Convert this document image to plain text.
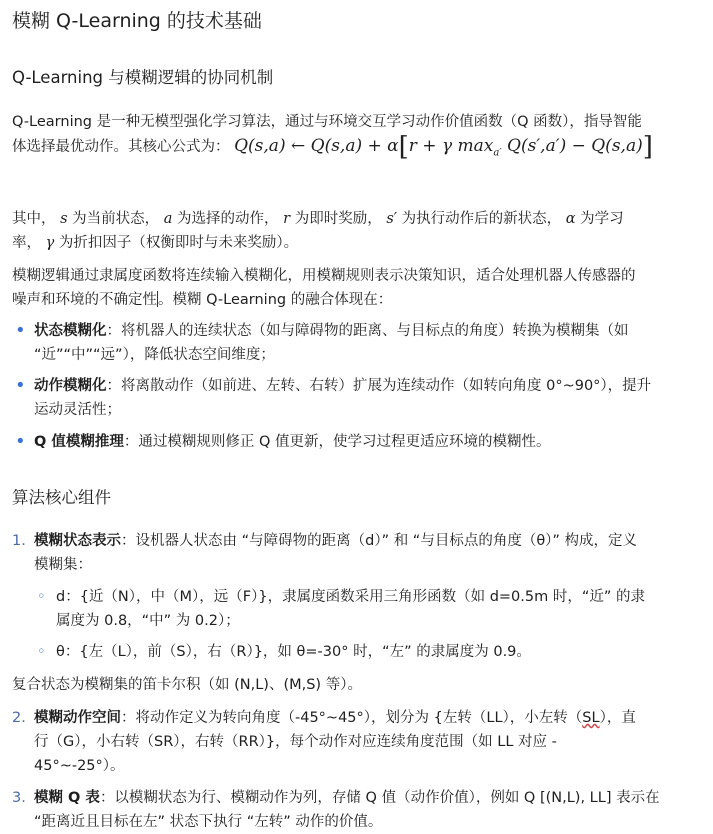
模糊 Q-Learning 的技术基础
Q-Learning 与模糊逻辑的协同机制

Q-Learning 是一种无模型强化学习算法，通过与环境交互学习动作价值函数（Q 函数），指导智能
体选择最优动作。其核心公式为： Q(s,a) ← Q(s,a) + α[r + γ $\max_{a'} Q(s',a') - Q(s,a)$]

其中， s 为当前状态， a 为选择的动作， r 为即时奖励， s′ 为执行动作后的新状态， α 为学习
率， γ 为折扣因子（权衡即时与未来奖励）。

模糊逻辑通过隶属度函数将连续输入模糊化，用模糊规则表示决策知识，适合处理机器人传感器的
噪声和环境的不确定性。模糊 Q-Learning 的融合体现在：

• 状态模糊化：将机器人的连续状态（如与障碍物的距离、与目标点的角度）转换为模糊集（如
“近”“中”“远”），降低状态空间维度；
• 动作模糊化：将离散动作（如前进、左转、右转）扩展为连续动作（如转向角度 0°~90°），提升
运动灵活性；
• Q 值模糊推理：通过模糊规则修正 Q 值更新，使学习过程更适应环境的模糊性。
算法核心组件
1. 模糊状态表示：设机器人状态由 “与障碍物的距离（d）” 和 “与目标点的角度（θ）” 构成，定义
模糊集：
◦ d：{近（N），中（M），远（F）}，隶属度函数采用三角形函数（如 d=0.5m 时，“近” 的隶
属度为 0.8，“中” 为 0.2）；
◦ θ：{左（L），前（S），右（R）}，如 θ=-30° 时，“左” 的隶属度为 0.9。

复合状态为模糊集的笛卡尔积（如 (N,L)、(M,S) 等）。

2. 模糊动作空间：将动作定义为转向角度（-45°~45°），划分为 {左转（LL），小左转（SL），直
行（G），小右转（SR），右转（RR）}，每个动作对应连续角度范围（如 LL 对应 -
45°~-25°）。
3. 模糊 Q 表：以模糊状态为行、模糊动作为列，存储 Q 值（动作价值），例如 Q [(N,L), LL] 表示在
“距离近且目标在左” 状态下执行 “左转” 动作的价值。
